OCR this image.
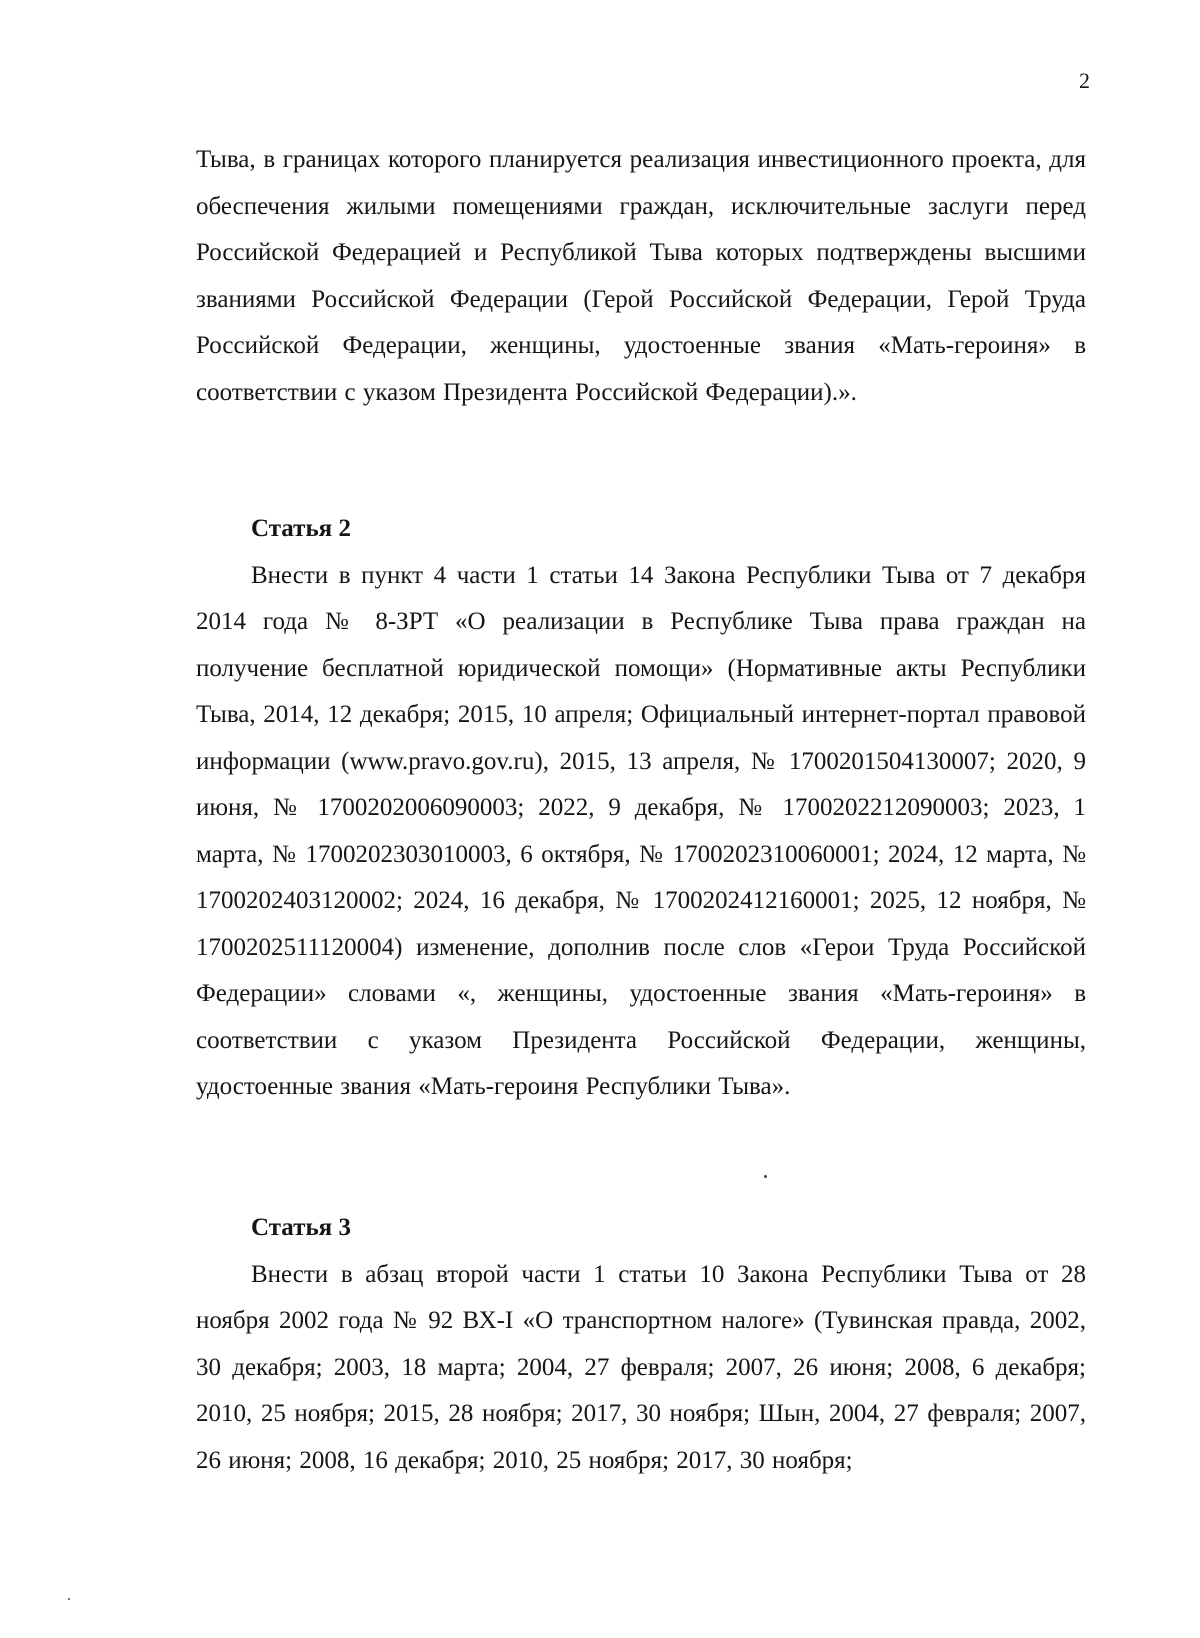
2

Тыва, в границах которого планируется реализация инвестиционного проекта, для обеспечения жилыми помещениями граждан, исключительные заслуги перед Российской Федерацией и Республикой Тыва которых подтверждены высшими званиями Российской Федерации (Герой Российской Федерации, Герой Труда Российской Федерации, женщины, удостоенные звания «Мать-героиня» в соответствии с указом Президента Российской Федерации).».

Статья 2

Внести в пункт 4 части 1 статьи 14 Закона Республики Тыва от 7 декабря 2014 года № 8-ЗРТ «О реализации в Республике Тыва права граждан на получение бесплатной юридической помощи» (Нормативные акты Республики Тыва, 2014, 12 декабря; 2015, 10 апреля; Официальный интернет-портал правовой информации (www.pravo.gov.ru), 2015, 13 апреля, № 1700201504130007; 2020, 9 июня, № 1700202006090003; 2022, 9 декабря, № 1700202212090003; 2023, 1 марта, № 1700202303010003, 6 октября, № 1700202310060001; 2024, 12 марта, № 1700202403120002; 2024, 16 декабря, № 1700202412160001; 2025, 12 ноября, № 1700202511120004) изменение, дополнив после слов «Герои Труда Российской Федерации» словами «, женщины, удостоенные звания «Мать-героиня» в соответствии с указом Президента Российской Федерации, женщины, удостоенные звания «Мать-героиня Республики Тыва».

Статья 3

Внести в абзац второй части 1 статьи 10 Закона Республики Тыва от 28 ноября 2002 года № 92 ВХ-I «О транспортном налоге» (Тувинская правда, 2002, 30 декабря; 2003, 18 марта; 2004, 27 февраля; 2007, 26 июня; 2008, 6 декабря; 2010, 25 ноября; 2015, 28 ноября; 2017, 30 ноября; Шын, 2004, 27 февраля; 2007, 26 июня; 2008, 16 декабря; 2010, 25 ноября; 2017, 30 ноября;
